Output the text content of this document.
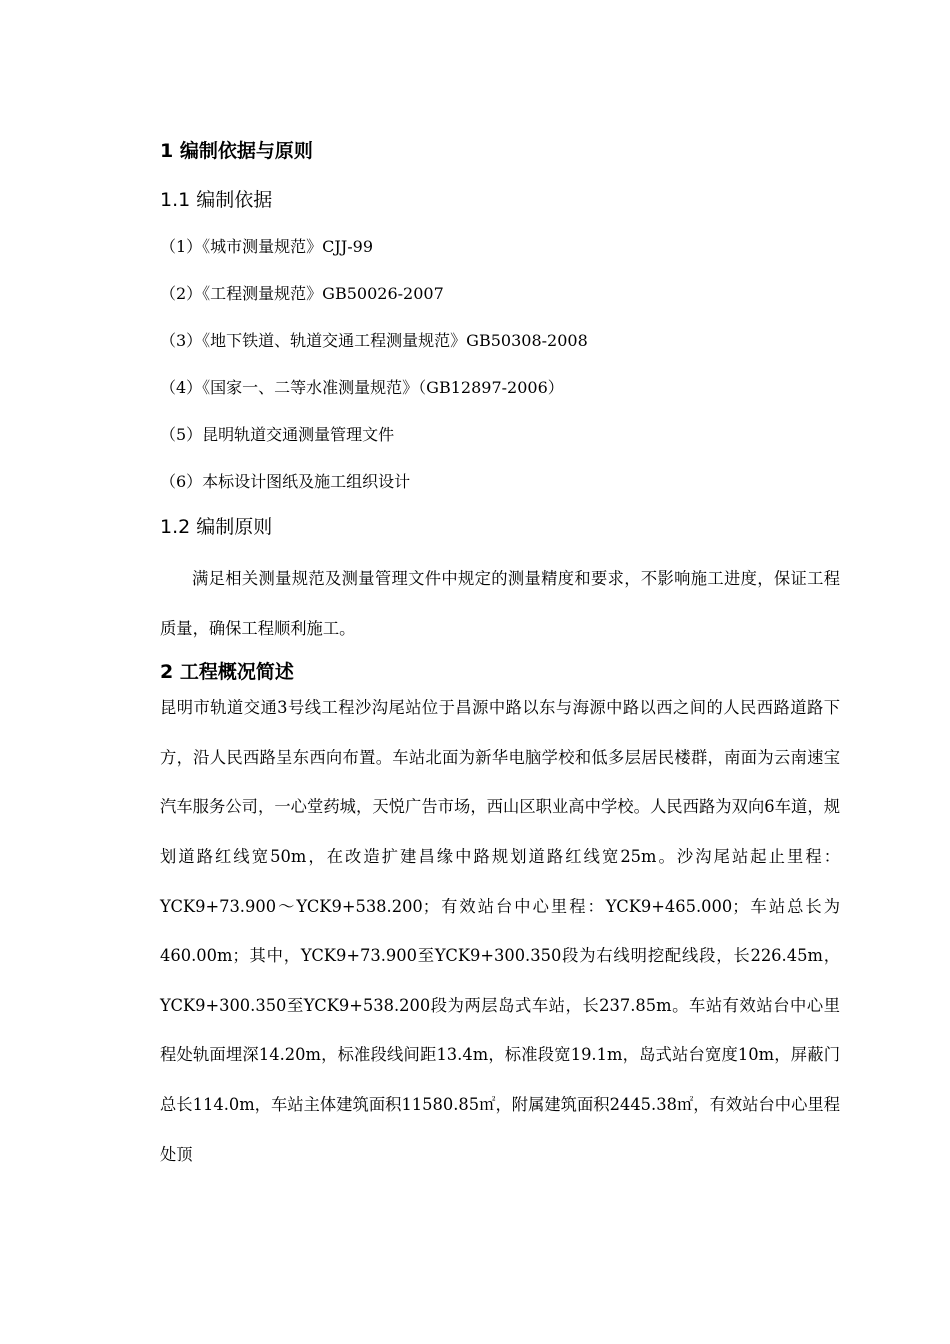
1 编制依据与原则
1.1 编制依据
（1）《城市测量规范》CJJ-99
（2）《工程测量规范》GB50026-2007
（3）《地下铁道、轨道交通工程测量规范》GB50308-2008
（4）《国家一、二等水准测量规范》（GB12897-2006）
（5）昆明轨道交通测量管理文件
（6）本标设计图纸及施工组织设计
1.2 编制原则

满足相关测量规范及测量管理文件中规定的测量精度和要求，不影响施工进度，保证工程质量，确保工程顺利施工。

2 工程概况简述

昆明市轨道交通3号线工程沙沟尾站位于昌源中路以东与海源中路以西之间的人民西路道路下方，沿人民西路呈东西向布置。车站北面为新华电脑学校和低多层居民楼群，南面为云南速宝汽车服务公司，一心堂药城，天悦广告市场，西山区职业高中学校。人民西路为双向6车道，规划道路红线宽50m，在改造扩建昌缘中路规划道路红线宽25m。沙沟尾站起止里程：YCK9+73.900～YCK9+538.200；有效站台中心里程：YCK9+465.000；车站总长为460.00m；其中，YCK9+73.900至YCK9+300.350段为右线明挖配线段，长226.45m，YCK9+300.350至YCK9+538.200段为两层岛式车站，长237.85m。车站有效站台中心里程处轨面埋深14.20m，标准段线间距13.4m，标准段宽19.1m，岛式站台宽度10m，屏蔽门总长114.0m，车站主体建筑面积11580.85㎡，附属建筑面积2445.38㎡，有效站台中心里程处顶
